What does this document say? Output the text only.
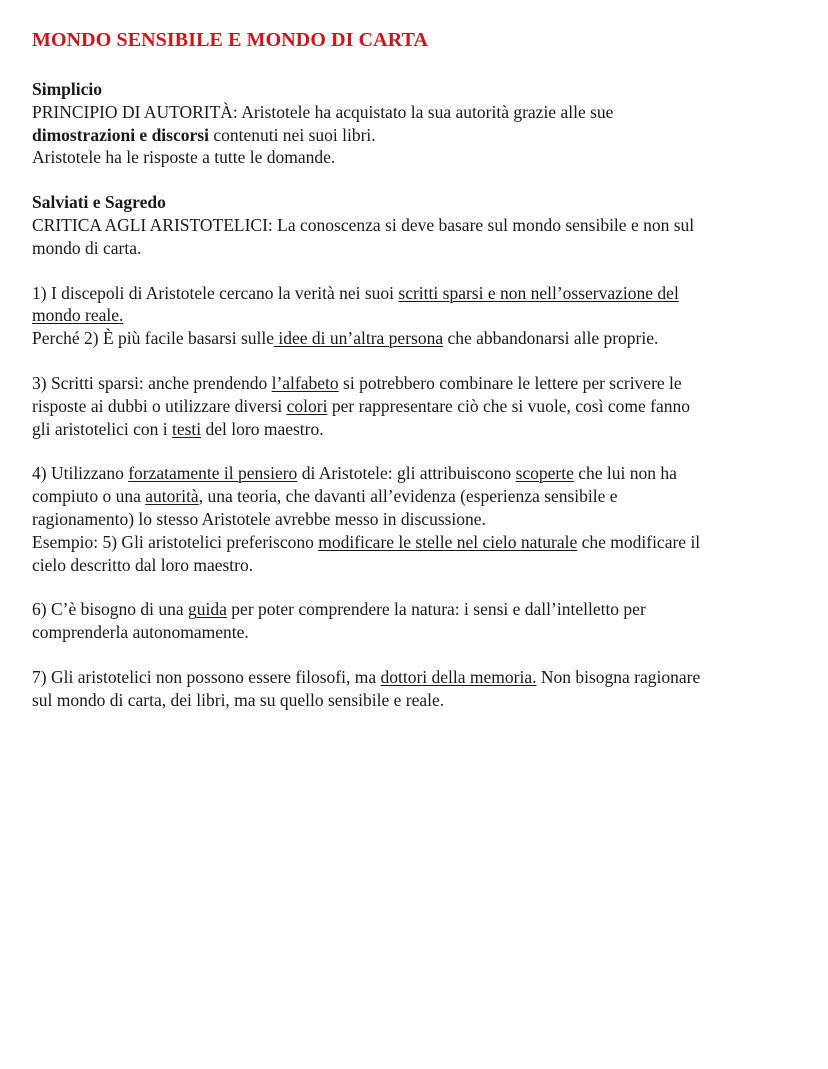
MONDO SENSIBILE E MONDO DI CARTA
Simplicio
PRINCIPIO DI AUTORITÀ: Aristotele ha acquistato la sua autorità grazie alle sue
dimostrazioni e discorsi contenuti nei suoi libri.
Aristotele ha le risposte a tutte le domande.
Salviati e Sagredo
CRITICA AGLI ARISTOTELICI: La conoscenza si deve basare sul mondo sensibile e non sul
mondo di carta.
1) I discepoli di Aristotele cercano la verità nei suoi scritti sparsi e non nell’osservazione del
mondo reale.
Perché 2) È più facile basarsi sulle idee di un’altra persona che abbandonarsi alle proprie.
3) Scritti sparsi: anche prendendo l’alfabeto si potrebbero combinare le lettere per scrivere le
risposte ai dubbi o utilizzare diversi colori per rappresentare ciò che si vuole, così come fanno
gli aristotelici con i testi del loro maestro.
4) Utilizzano forzatamente il pensiero di Aristotele: gli attribuiscono scoperte che lui non ha
compiuto o una autorità, una teoria, che davanti all’evidenza (esperienza sensibile e
ragionamento) lo stesso Aristotele avrebbe messo in discussione.
Esempio: 5) Gli aristotelici preferiscono modificare le stelle nel cielo naturale che modificare il
cielo descritto dal loro maestro.
6) C’è bisogno di una guida per poter comprendere la natura: i sensi e dall’intelletto per
comprenderla autonomamente.
7) Gli aristotelici non possono essere filosofi, ma dottori della memoria. Non bisogna ragionare
sul mondo di carta, dei libri, ma su quello sensibile e reale.
